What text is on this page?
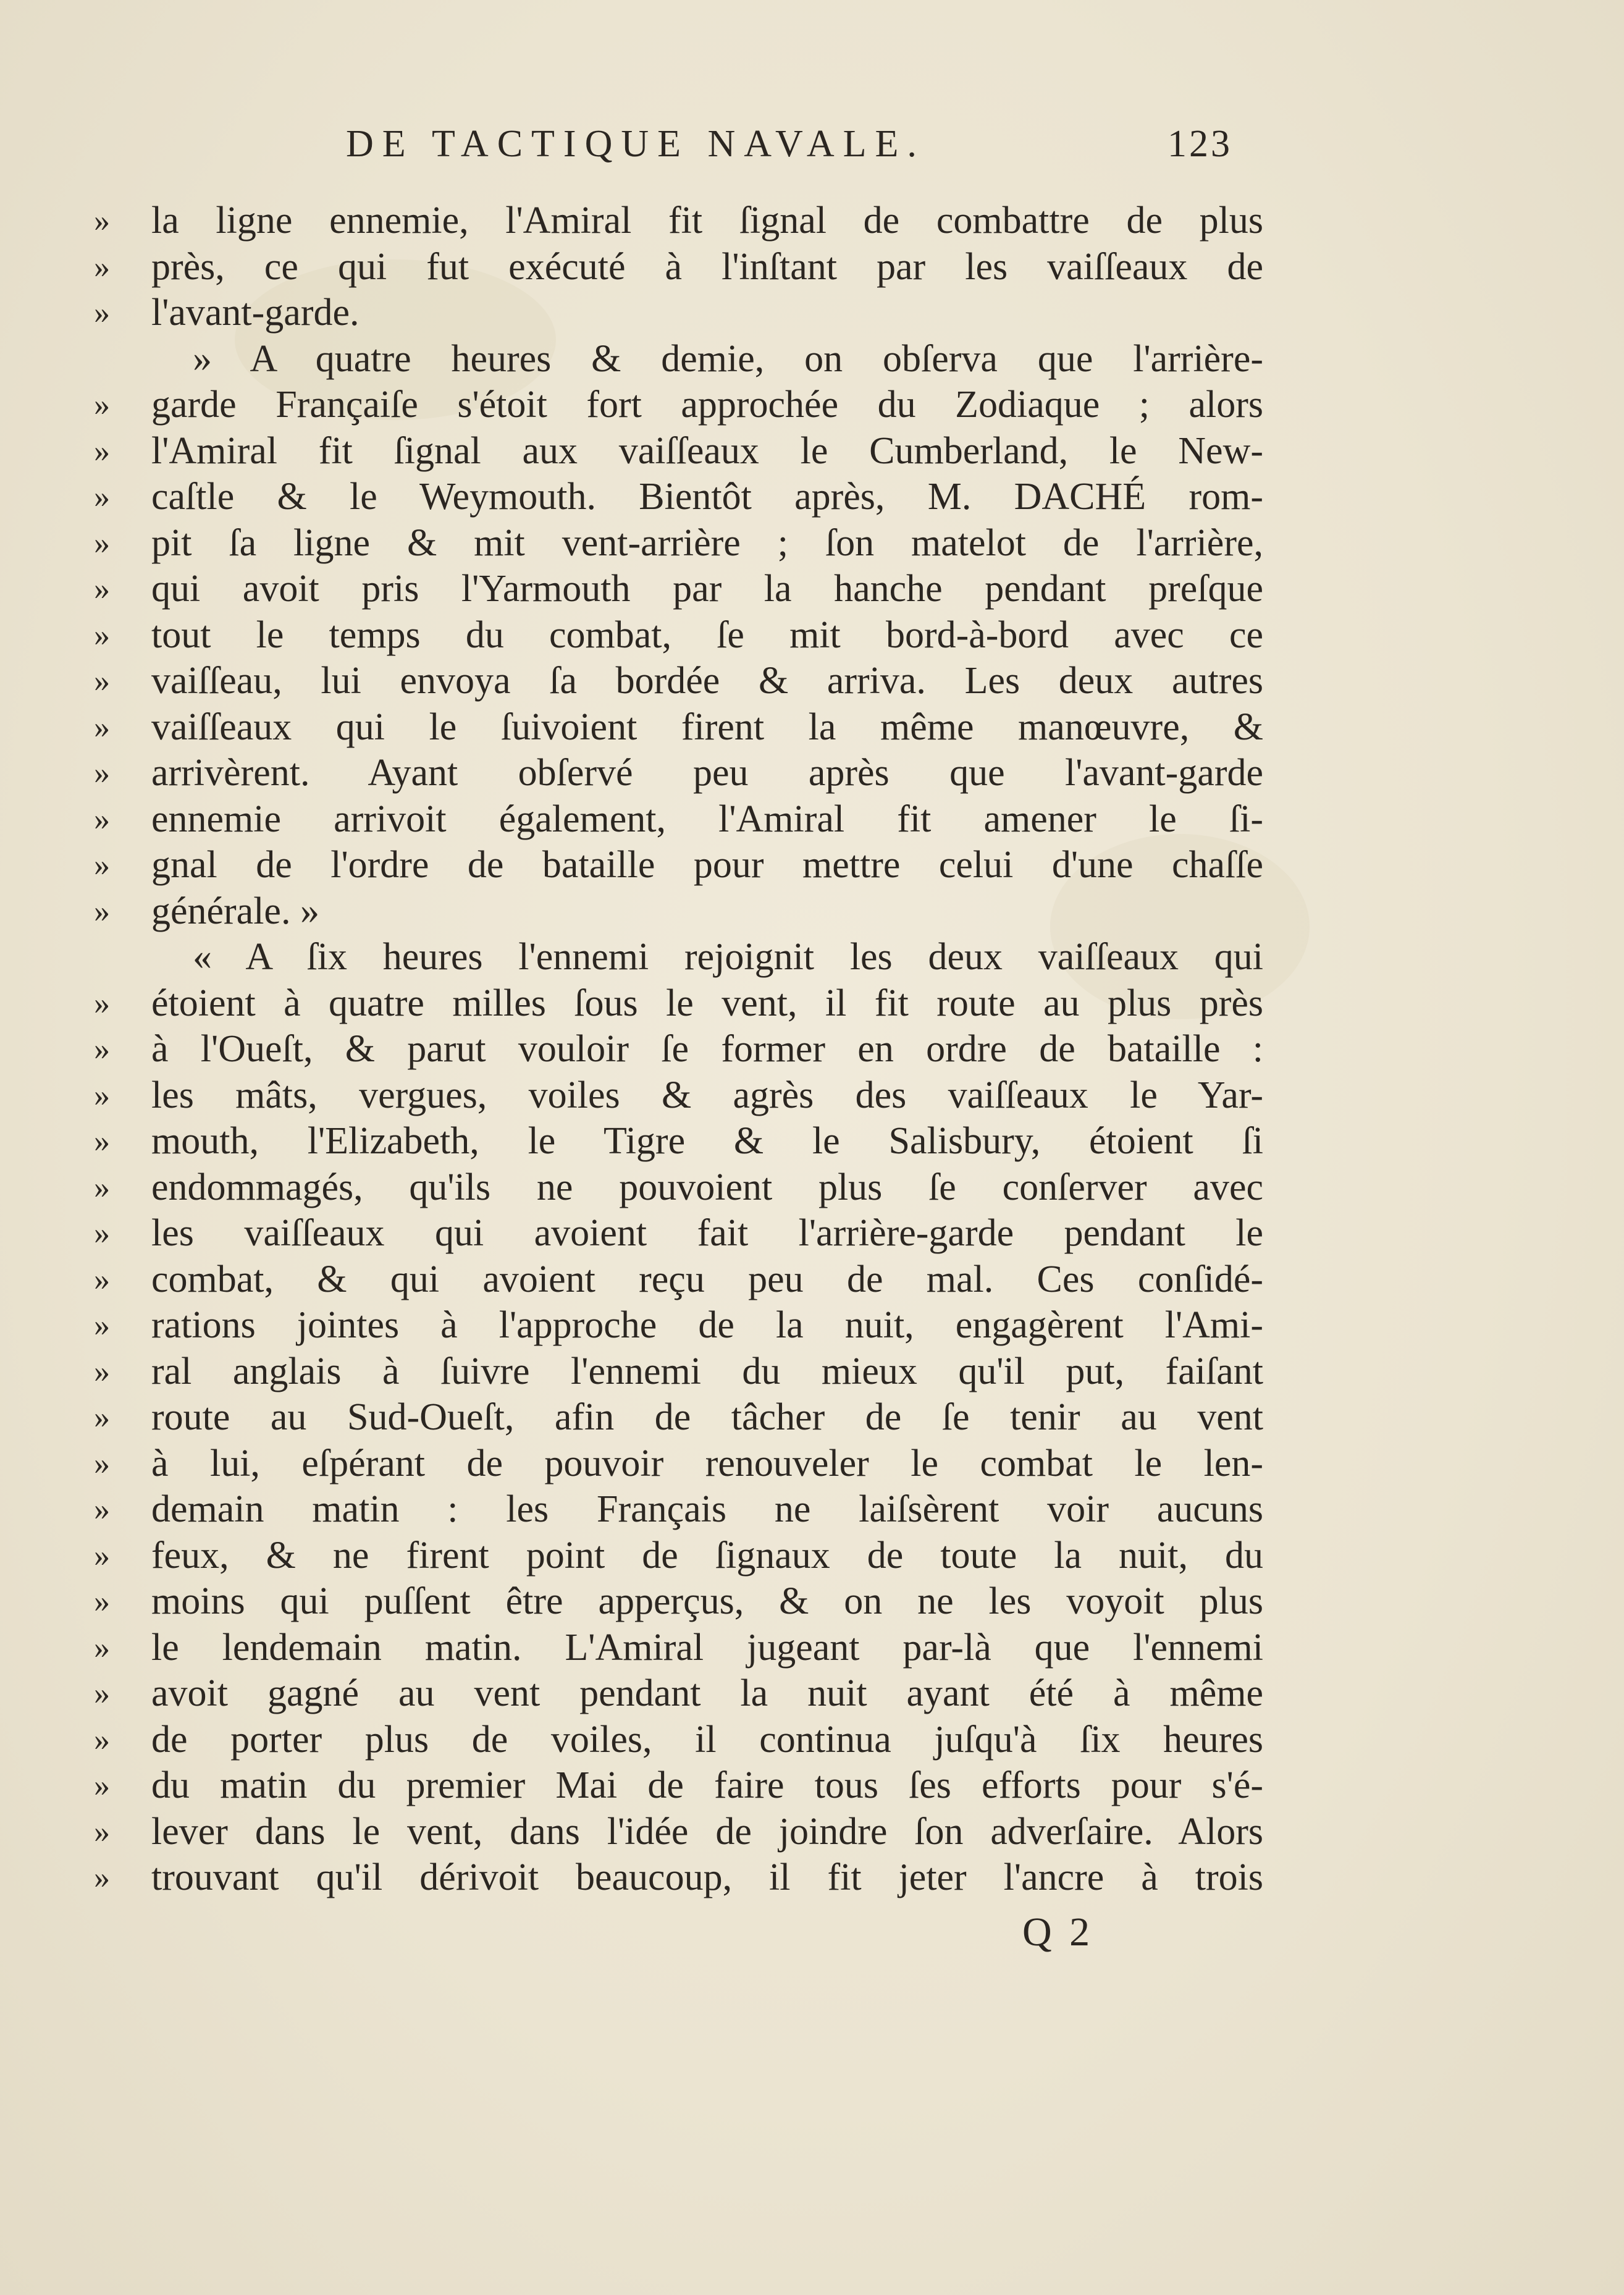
DE TACTIQUE NAVALE.	123
»	la ligne ennemie, l'Amiral fit ſignal de combattre de plus
»	près, ce qui fut exécuté à l'inſtant par les vaiſſeaux de
»	l'avant-garde.
» A quatre heures & demie, on obſerva que l'arrière-
»	garde Françaiſe s'étoit fort approchée du Zodiaque ; alors
»	l'Amiral fit ſignal aux vaiſſeaux le Cumberland, le New-
»	caſtle & le Weymouth. Bientôt après, M. DACHÉ rom-
»	pit ſa ligne & mit vent-arrière ; ſon matelot de l'arrière,
»	qui avoit pris l'Yarmouth par la hanche pendant preſque
»	tout le temps du combat, ſe mit bord-à-bord avec ce
»	vaiſſeau, lui envoya ſa bordée & arriva. Les deux autres
»	vaiſſeaux qui le ſuivoient firent la même manœuvre, &
»	arrivèrent. Ayant obſervé peu après que l'avant-garde
»	ennemie arrivoit également, l'Amiral fit amener le ſi-
»	gnal de l'ordre de bataille pour mettre celui d'une chaſſe
»	générale. »
« A ſix heures l'ennemi rejoignit les deux vaiſſeaux qui
»	étoient à quatre milles ſous le vent, il fit route au plus près
»	à l'Oueſt, & parut vouloir ſe former en ordre de bataille :
»	les mâts, vergues, voiles & agrès des vaiſſeaux le Yar-
»	mouth, l'Elizabeth, le Tigre & le Salisbury, étoient ſi
»	endommagés, qu'ils ne pouvoient plus ſe conſerver avec
»	les vaiſſeaux qui avoient fait l'arrière-garde pendant le
»	combat, & qui avoient reçu peu de mal. Ces conſidé-
»	rations jointes à l'approche de la nuit, engagèrent l'Ami-
»	ral anglais à ſuivre l'ennemi du mieux qu'il put, faiſant
»	route au Sud-Oueſt, afin de tâcher de ſe tenir au vent
»	à lui, eſpérant de pouvoir renouveler le combat le len-
»	demain matin : les Français ne laiſsèrent voir aucuns
»	feux, & ne firent point de ſignaux de toute la nuit, du
»	moins qui puſſent être apperçus, & on ne les voyoit plus
»	le lendemain matin. L'Amiral jugeant par-là que l'ennemi
»	avoit gagné au vent pendant la nuit ayant été à même
»	de porter plus de voiles, il continua juſqu'à ſix heures
»	du matin du premier Mai de faire tous ſes efforts pour s'é-
»	lever dans le vent, dans l'idée de joindre ſon adverſaire. Alors
»	trouvant qu'il dérivoit beaucoup, il fit jeter l'ancre à trois
Q 2
